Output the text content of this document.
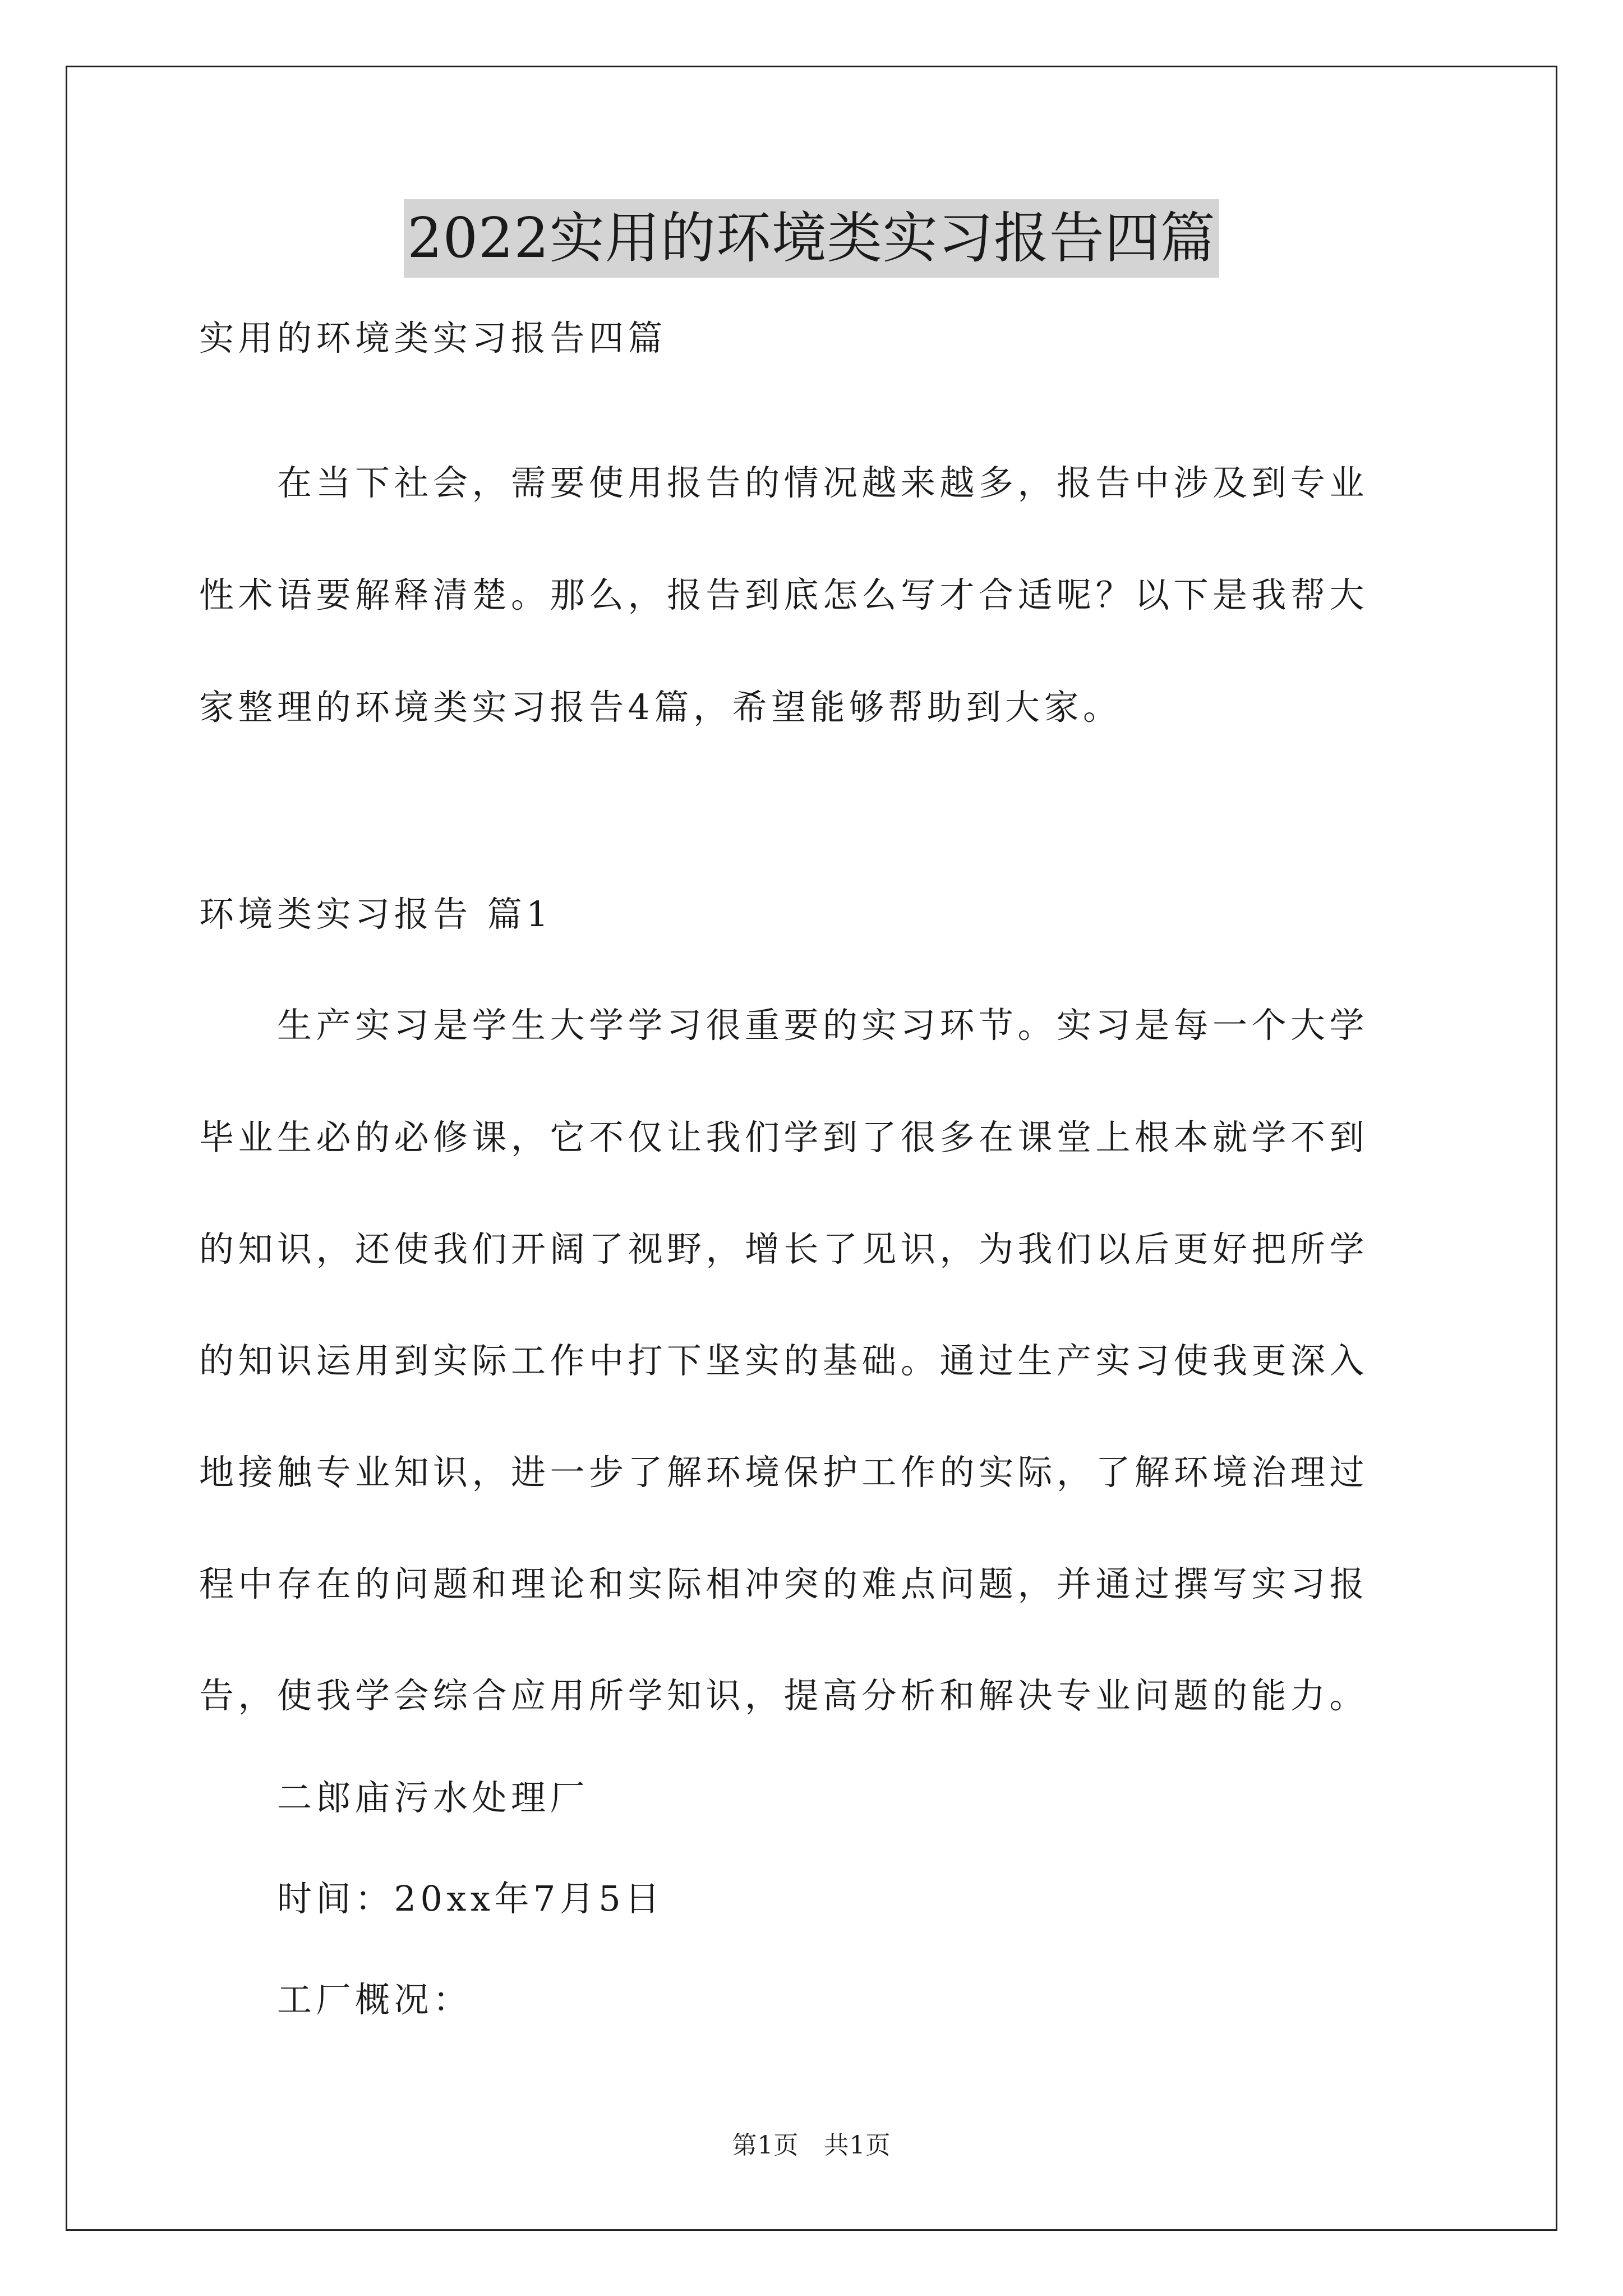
2022实用的环境类实习报告四篇
实用的环境类实习报告四篇
　　在当下社会，需要使用报告的情况越来越多，报告中涉及到专业
性术语要解释清楚。那么，报告到底怎么写才合适呢？以下是我帮大
家整理的环境类实习报告4篇，希望能够帮助到大家。
环境类实习报告 篇1
　　生产实习是学生大学学习很重要的实习环节。实习是每一个大学
毕业生必的必修课，它不仅让我们学到了很多在课堂上根本就学不到
的知识，还使我们开阔了视野，增长了见识，为我们以后更好把所学
的知识运用到实际工作中打下坚实的基础。通过生产实习使我更深入
地接触专业知识，进一步了解环境保护工作的实际，了解环境治理过
程中存在的问题和理论和实际相冲突的难点问题，并通过撰写实习报
告，使我学会综合应用所学知识，提高分析和解决专业问题的能力。
　　二郎庙污水处理厂
　　时间：20xx年7月5日
　　工厂概况：
第1页　共1页
